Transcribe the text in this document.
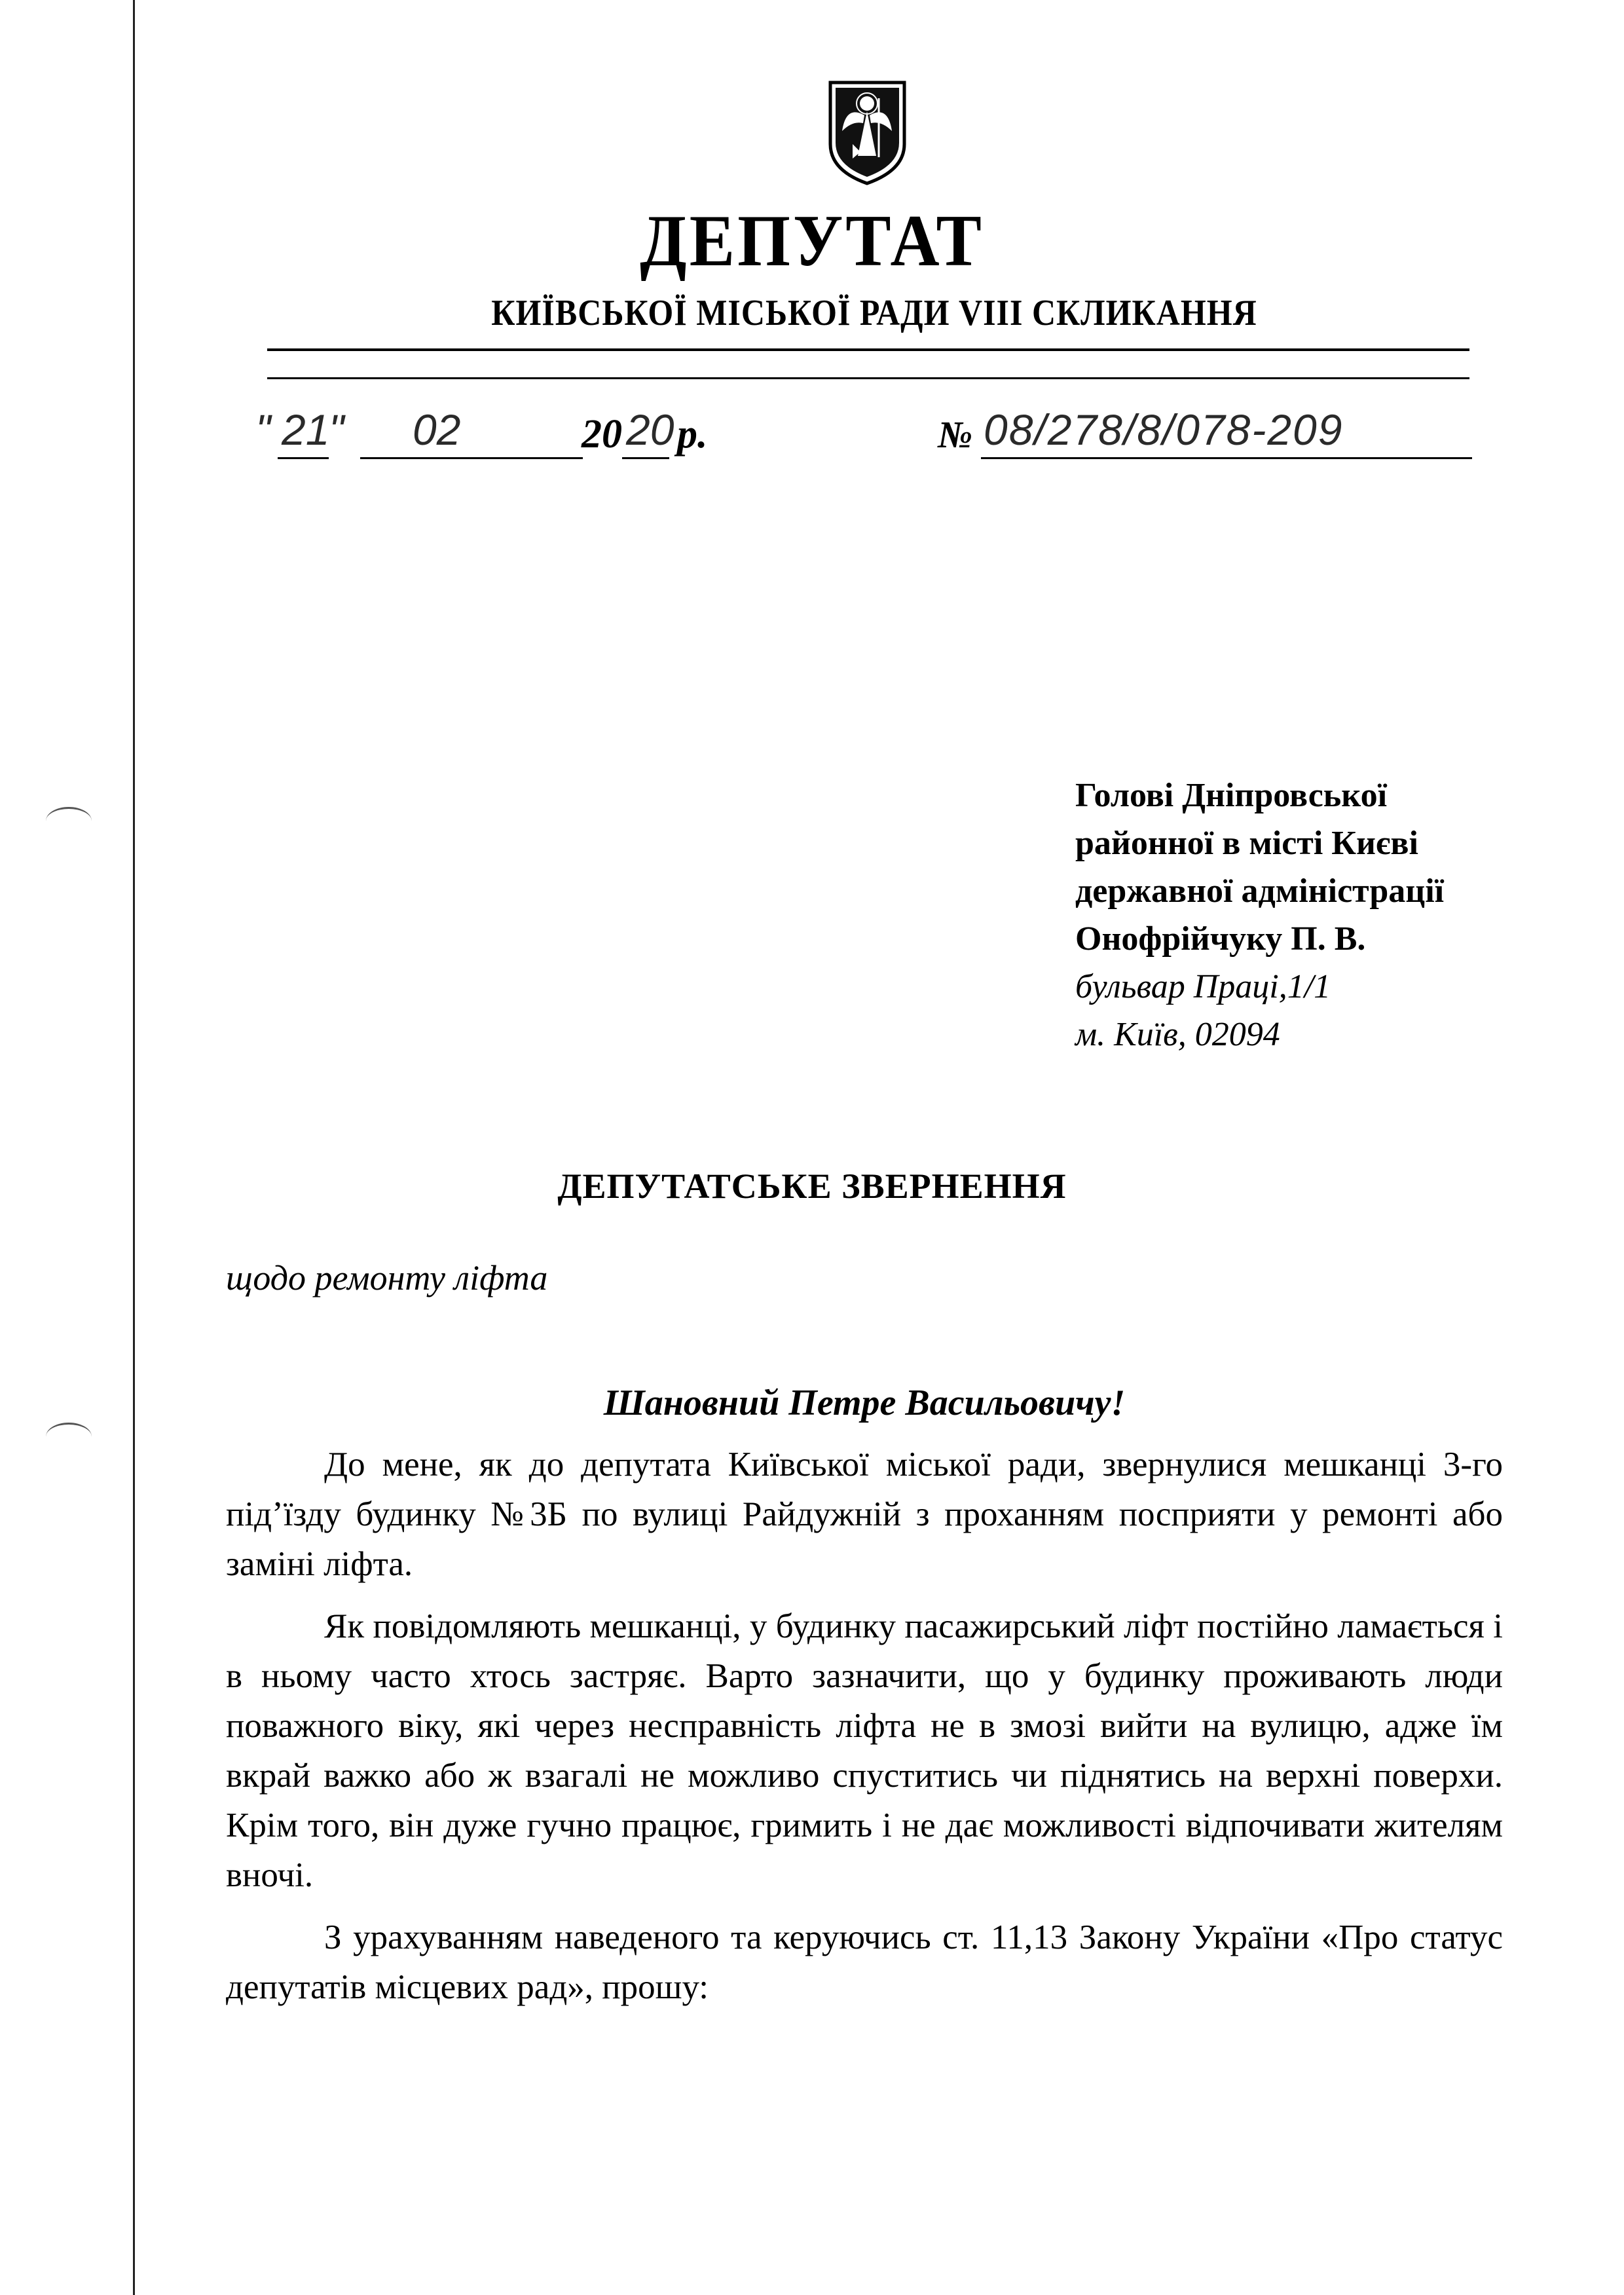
ДЕПУТАТ
КИЇВСЬКОЇ МІСЬКОЇ РАДИ VIII СКЛИКАННЯ
" 21
" 02	20 20 р.	№ 08/278/8/078-209
Голові Дніпровської
районної в місті Києві
державної адміністрації
Онофрійчуку П. В.
бульвар Праці,1/1
м. Київ, 02094
ДЕПУТАТСЬКЕ ЗВЕРНЕННЯ
щодо ремонту ліфта
Шановний Петре Васильовичу!

До мене, як до депутата Київської міської ради, звернулися мешканці 3-го під’їзду будинку №3Б по вулиці Райдужній з проханням посприяти у ремонті або заміні ліфта.

Як повідомляють мешканці, у будинку пасажирський ліфт постійно ламається і в ньому часто хтось застряє. Варто зазначити, що у будинку проживають люди поважного віку, які через несправність ліфта не в змозі вийти на вулицю, адже їм вкрай важко або ж взагалі не можливо спуститись чи піднятись на верхні поверхи. Крім того, він дуже гучно працює, гримить і не дає можливості відпочивати жителям вночі.

З урахуванням наведеного та керуючись ст. 11,13 Закону України «Про статус депутатів місцевих рад», прошу:
